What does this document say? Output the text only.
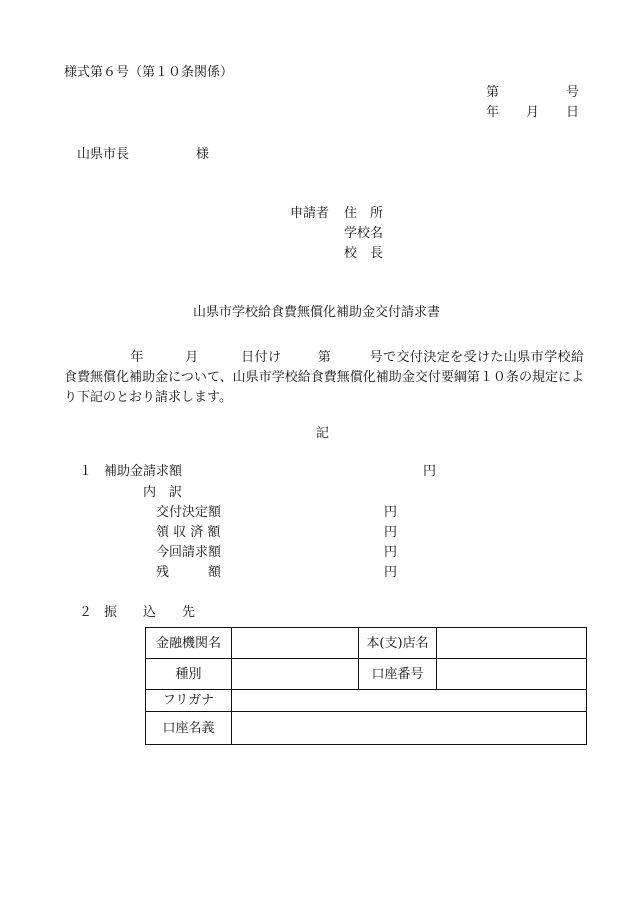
様式第６号（第１０条関係）
第	号
年 月 日
山県市長	様
申請者 住　所
学校名
校　長
山県市学校給食費無償化補助金交付請求書
年	月	日付け	第	号で交付決定を受けた山県市学校給食費無償化補助金について、山県市学校給食費無償化補助金交付要綱第１０条の規定により下記のとおり請求します。
記
１ 補助金請求額	円
内　訳
交付決定額	円
領 収 済 額	円
今回請求額	円
残　　　額	円
２ 振　　込　　先
金融機関名		本(支)店名	
種別		口座番号	
フリガナ			
口座名義			
